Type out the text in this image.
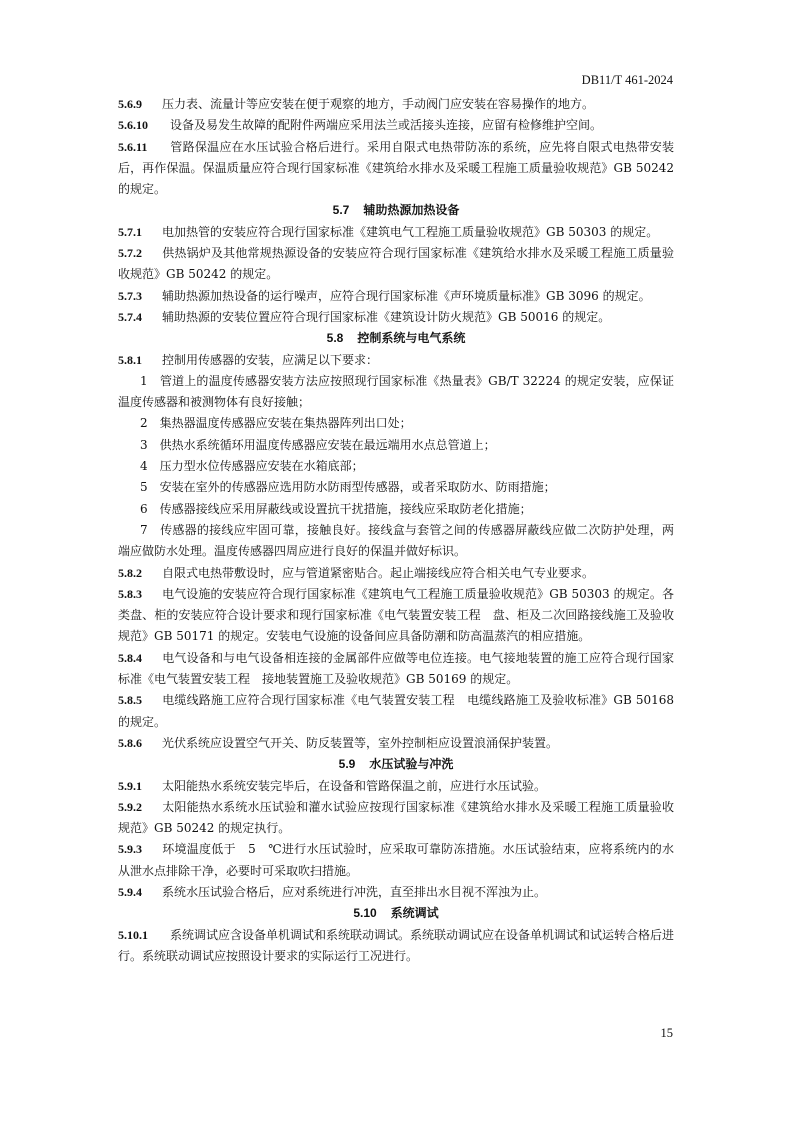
DB11/T 461-2024

5.6.9 压力表、流量计等应安装在便于观察的地方，手动阀门应安装在容易操作的地方。

5.6.10 设备及易发生故障的配附件两端应采用法兰或活接头连接，应留有检修维护空间。

5.6.11 管路保温应在水压试验合格后进行。采用自限式电热带防冻的系统，应先将自限式电热带安装后，再作保温。保温质量应符合现行国家标准《建筑给水排水及采暖工程施工质量验收规范》GB 50242 的规定。

5.7 辅助热源加热设备

5.7.1 电加热管的安装应符合现行国家标准《建筑电气工程施工质量验收规范》GB 50303 的规定。

5.7.2 供热锅炉及其他常规热源设备的安装应符合现行国家标准《建筑给水排水及采暖工程施工质量验收规范》GB 50242 的规定。

5.7.3 辅助热源加热设备的运行噪声，应符合现行国家标准《声环境质量标准》GB 3096 的规定。

5.7.4 辅助热源的安装位置应符合现行国家标准《建筑设计防火规范》GB 50016 的规定。

5.8 控制系统与电气系统

5.8.1 控制用传感器的安装，应满足以下要求：

1　管道上的温度传感器安装方法应按照现行国家标准《热量表》GB/T 32224 的规定安装，应保证温度传感器和被测物体有良好接触；

2　集热器温度传感器应安装在集热器阵列出口处；

3　供热水系统循环用温度传感器应安装在最远端用水点总管道上；

4　压力型水位传感器应安装在水箱底部；

5　安装在室外的传感器应选用防水防雨型传感器，或者采取防水、防雨措施；

6　传感器接线应采用屏蔽线或设置抗干扰措施，接线应采取防老化措施；

7　传感器的接线应牢固可靠，接触良好。接线盒与套管之间的传感器屏蔽线应做二次防护处理，两端应做防水处理。温度传感器四周应进行良好的保温并做好标识。

5.8.2 自限式电热带敷设时，应与管道紧密贴合。起止端接线应符合相关电气专业要求。

5.8.3 电气设施的安装应符合现行国家标准《建筑电气工程施工质量验收规范》GB 50303 的规定。各类盘、柜的安装应符合设计要求和现行国家标准《电气装置安装工程　盘、柜及二次回路接线施工及验收规范》GB 50171 的规定。安装电气设施的设备间应具备防潮和防高温蒸汽的相应措施。

5.8.4 电气设备和与电气设备相连接的金属部件应做等电位连接。电气接地装置的施工应符合现行国家标准《电气装置安装工程　接地装置施工及验收规范》GB 50169 的规定。

5.8.5 电缆线路施工应符合现行国家标准《电气装置安装工程　电缆线路施工及验收标准》GB 50168 的规定。

5.8.6 光伏系统应设置空气开关、防反装置等，室外控制柜应设置浪涌保护装置。

5.9 水压试验与冲洗

5.9.1 太阳能热水系统安装完毕后，在设备和管路保温之前，应进行水压试验。

5.9.2 太阳能热水系统水压试验和灌水试验应按现行国家标准《建筑给水排水及采暖工程施工质量验收规范》GB 50242 的规定执行。

5.9.3 环境温度低于　5　℃进行水压试验时，应采取可靠防冻措施。水压试验结束，应将系统内的水从泄水点排除干净，必要时可采取吹扫措施。

5.9.4 系统水压试验合格后，应对系统进行冲洗，直至排出水目视不浑浊为止。

5.10 系统调试

5.10.1 系统调试应含设备单机调试和系统联动调试。系统联动调试应在设备单机调试和试运转合格后进行。系统联动调试应按照设计要求的实际运行工况进行。

15
